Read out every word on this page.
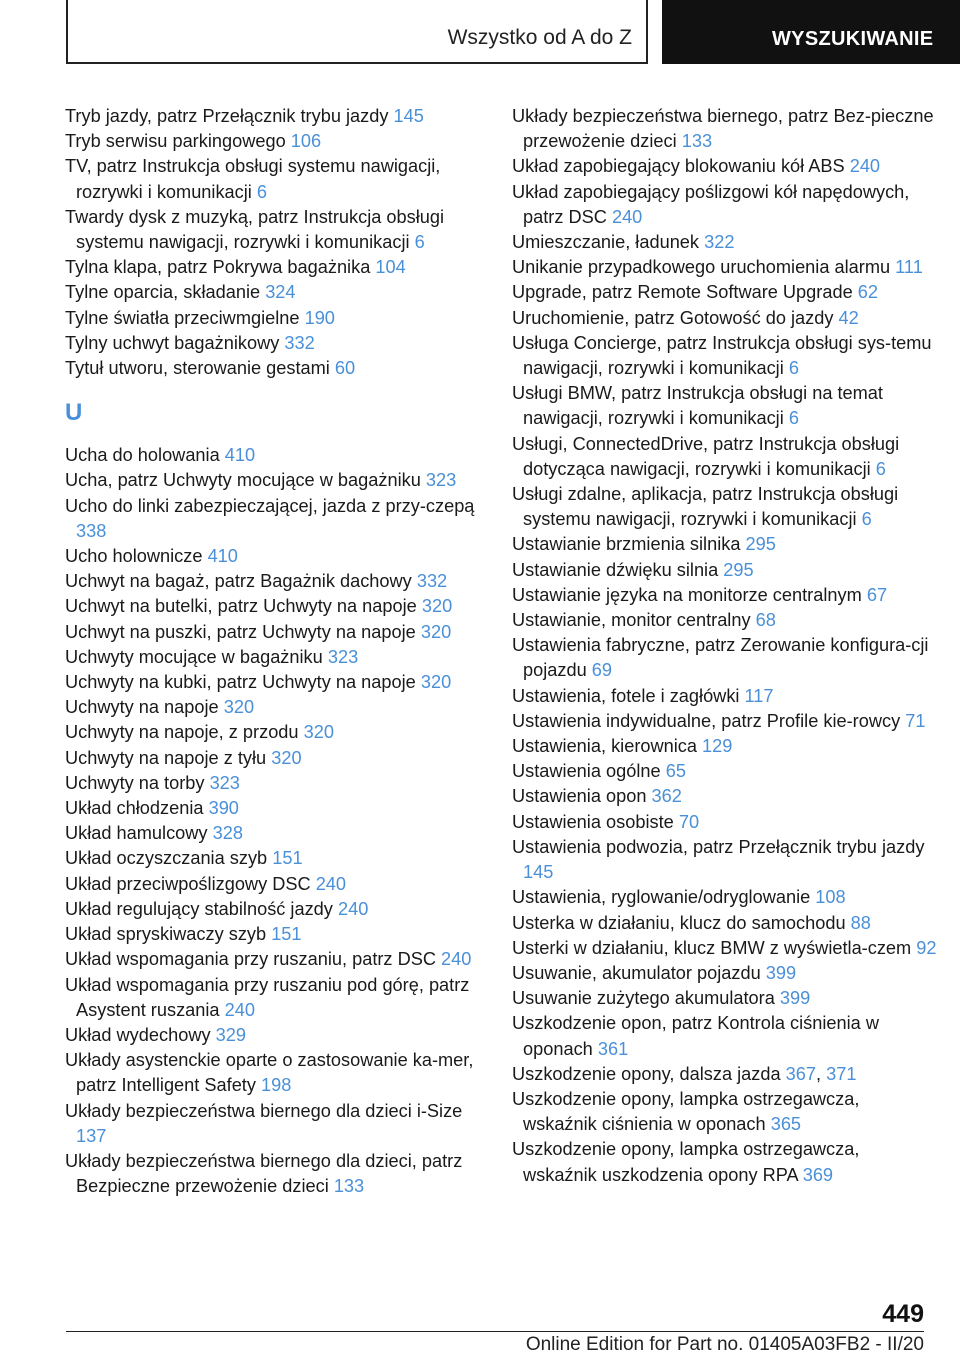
Wszystko od A do Z	WYSZUKIWANIE
Tryb jazdy, patrz Przełącznik trybu jazdy 145
Tryb serwisu parkingowego 106
TV, patrz Instrukcja obsługi systemu nawigacji, rozrywki i komunikacji 6
Twardy dysk z muzyką, patrz Instrukcja obsługi systemu nawigacji, rozrywki i komunikacji 6
Tylna klapa, patrz Pokrywa bagażnika 104
Tylne oparcia, składanie 324
Tylne światła przeciwmgielne 190
Tylny uchwyt bagażnikowy 332
Tytuł utworu, sterowanie gestami 60
U
Ucha do holowania 410
Ucha, patrz Uchwyty mocujące w bagażniku 323
Ucho do linki zabezpieczającej, jazda z przy-czepą 338
Ucho holownicze 410
Uchwyt na bagaż, patrz Bagażnik dachowy 332
Uchwyt na butelki, patrz Uchwyty na napoje 320
Uchwyt na puszki, patrz Uchwyty na napoje 320
Uchwyty mocujące w bagażniku 323
Uchwyty na kubki, patrz Uchwyty na napoje 320
Uchwyty na napoje 320
Uchwyty na napoje, z przodu 320
Uchwyty na napoje z tyłu 320
Uchwyty na torby 323
Układ chłodzenia 390
Układ hamulcowy 328
Układ oczyszczania szyb 151
Układ przeciwpoślizgowy DSC 240
Układ regulujący stabilność jazdy 240
Układ spryskiwaczy szyb 151
Układ wspomagania przy ruszaniu, patrz DSC 240
Układ wspomagania przy ruszaniu pod górę, patrz Asystent ruszania 240
Układ wydechowy 329
Układy asystenckie oparte o zastosowanie ka-mer, patrz Intelligent Safety 198
Układy bezpieczeństwa biernego dla dzieci i-Size 137
Układy bezpieczeństwa biernego dla dzieci, patrz Bezpieczne przewożenie dzieci 133
Układy bezpieczeństwa biernego, patrz Bez-pieczne przewożenie dzieci 133
Układ zapobiegający blokowaniu kół ABS 240
Układ zapobiegający poślizgowi kół napędowych, patrz DSC 240
Umieszczanie, ładunek 322
Unikanie przypadkowego uruchomienia alarmu 111
Upgrade, patrz Remote Software Upgrade 62
Uruchomienie, patrz Gotowość do jazdy 42
Usługa Concierge, patrz Instrukcja obsługi sys-temu nawigacji, rozrywki i komunikacji 6
Usługi BMW, patrz Instrukcja obsługi na temat nawigacji, rozrywki i komunikacji 6
Usługi, ConnectedDrive, patrz Instrukcja obsługi dotycząca nawigacji, rozrywki i komunikacji 6
Usługi zdalne, aplikacja, patrz Instrukcja obsługi systemu nawigacji, rozrywki i komunikacji 6
Ustawianie brzmienia silnika 295
Ustawianie dźwięku silnia 295
Ustawianie języka na monitorze centralnym 67
Ustawianie, monitor centralny 68
Ustawienia fabryczne, patrz Zerowanie konfigura-cji pojazdu 69
Ustawienia, fotele i zagłówki 117
Ustawienia indywidualne, patrz Profile kie-rowcy 71
Ustawienia, kierownica 129
Ustawienia ogólne 65
Ustawienia opon 362
Ustawienia osobiste 70
Ustawienia podwozia, patrz Przełącznik trybu jazdy 145
Ustawienia, ryglowanie/odryglowanie 108
Usterka w działaniu, klucz do samochodu 88
Usterki w działaniu, klucz BMW z wyświetla-czem 92
Usuwanie, akumulator pojazdu 399
Usuwanie zużytego akumulatora 399
Uszkodzenie opon, patrz Kontrola ciśnienia w oponach 361
Uszkodzenie opony, dalsza jazda 367, 371
Uszkodzenie opony, lampka ostrzegawcza, wskaźnik ciśnienia w oponach 365
Uszkodzenie opony, lampka ostrzegawcza, wskaźnik uszkodzenia opony RPA 369
449
Online Edition for Part no. 01405A03FB2 - II/20
